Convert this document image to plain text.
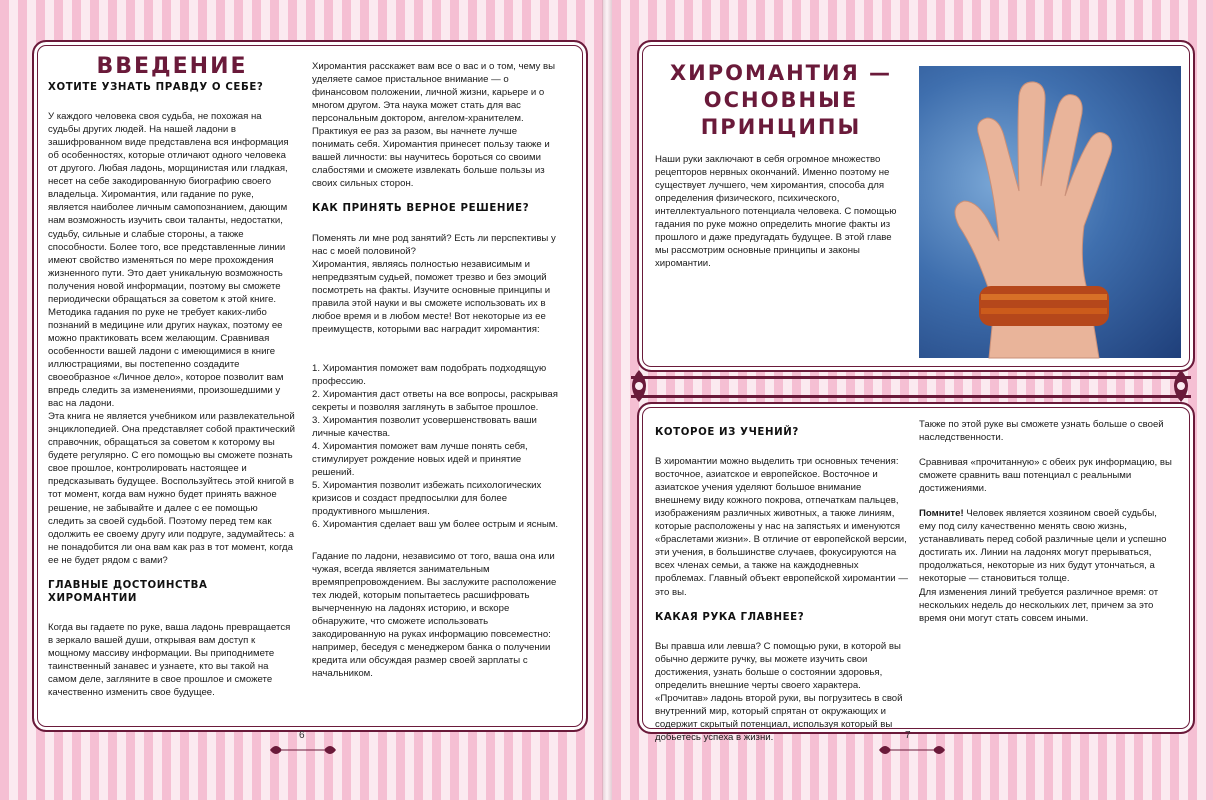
ВВЕДЕНИЕ
ХОТИТЕ УЗНАТЬ ПРАВДУ О СЕБЕ?

У каждого человека своя судьба, не похожая на судьбы других людей. На нашей ладони в зашифрованном виде представлена вся информация об особенностях, которые отличают одного человека от другого. Любая ладонь, морщинистая или гладкая, несет на себе закодированную биографию своего владельца. Хиромантия, или гадание по руке, является наиболее личным самопознанием, дающим нам возможность изучить свои таланты, недостатки, судьбу, сильные и слабые стороны, а также способности. Более того, все представленные линии имеют свойство изменяться по мере прохождения жизненного пути. Это дает уникальную возможность получения новой информации, поэтому вы сможете периодически обращаться за советом к этой книге.

Методика гадания по руке не требует каких-либо познаний в медицине или других науках, поэтому ее можно практиковать всем желающим. Сравнивая особенности вашей ладони с имеющимися в книге иллюстрациями, вы постепенно создадите своеобразное «Личное дело», которое позволит вам впредь следить за изменениями, произошедшими у вас на ладони.

Эта книга не является учебником или развлекательной энциклопедией. Она представляет собой практический справочник, обращаться за советом к которому вы будете регулярно. С его помощью вы сможете познать свое прошлое, контролировать настоящее и предсказывать будущее. Воспользуйтесь этой книгой в тот момент, когда вам нужно будет принять важное решение, не забывайте и далее с ее помощью следить за своей судьбой. Поэтому перед тем как одолжить ее своему другу или подруге, задумайтесь: а не понадобится ли она вам как раз в тот момент, когда ее не будет рядом с вами?

ГЛАВНЫЕ ДОСТОИНСТВА ХИРОМАНТИИ

Когда вы гадаете по руке, ваша ладонь превращается в зеркало вашей души, открывая вам доступ к мощному массиву информации. Вы приподнимете таинственный занавес и узнаете, кто вы такой на самом деле, загляните в свое прошлое и сможете качественно изменить свое будущее.

Хиромантия расскажет вам все о вас и о том, чему вы уделяете самое пристальное внимание — о финансовом положении, личной жизни, карьере и о многом другом. Эта наука может стать для вас персональным доктором, ангелом-хранителем. Практикуя ее раз за разом, вы начнете лучше понимать себя. Хиромантия принесет пользу также и вашей личности: вы научитесь бороться со своими слабостями и сможете извлекать больше пользы из своих сильных сторон.

КАК ПРИНЯТЬ ВЕРНОЕ РЕШЕНИЕ?

Поменять ли мне род занятий? Есть ли перспективы у нас с моей половиной?

Хиромантия, являясь полностью независимым и непредвзятым судьей, поможет трезво и без эмоций посмотреть на факты. Изучите основные принципы и правила этой науки и вы сможете использовать их в любое время и в любом месте! Вот некоторые из ее преимуществ, которыми вас наградит хиромантия:

1. Хиромантия поможет вам подобрать подходящую профессию.
2. Хиромантия даст ответы на все вопросы, раскрывая секреты и позволяя заглянуть в забытое прошлое.
3. Хиромантия позволит усовершенствовать ваши личные качества.
4. Хиромантия поможет вам лучше понять себя, стимулирует рождение новых идей и принятие решений.
5. Хиромантия позволит избежать психологических кризисов и создаст предпосылки для более продуктивного мышления.
6. Хиромантия сделает ваш ум более острым и ясным.

Гадание по ладони, независимо от того, ваша она или чужая, всегда является занимательным времяпрепровождением. Вы заслужите расположение тех людей, которым попытаетесь расшифровать вычерченную на ладонях историю, и вскоре обнаружите, что сможете использовать закодированную на руках информацию повсеместно: например, беседуя с менеджером банка о получении кредита или обсуждая размер своей зарплаты с начальником.

6
ХИРОМАНТИЯ —
ОСНОВНЫЕ
ПРИНЦИПЫ

Наши руки заключают в себя огромное множество рецепторов нервных окончаний. Именно поэтому не существует лучшего, чем хиромантия, способа для определения физического, психического, интеллектуального потенциала человека. С помощью гадания по руке можно определить многие факты из прошлого и даже предугадать будущее. В этой главе мы рассмотрим основные принципы и законы хиромантии.

КОТОРОЕ ИЗ УЧЕНИЙ?

В хиромантии можно выделить три основных течения: восточное, азиатское и европейское. Восточное и азиатское учения уделяют большое внимание внешнему виду кожного покрова, отпечаткам пальцев, изображениям различных животных, а также линиям, которые расположены у нас на запястьях и именуются «браслетами жизни». В отличие от европейской версии, эти учения, в большинстве случаев, фокусируются на всех членах семьи, а также на каждодневных проблемах. Главный объект европейской хиромантии — это вы.

КАКАЯ РУКА ГЛАВНЕЕ?

Вы правша или левша? С помощью руки, в которой вы обычно держите ручку, вы можете изучить свои достижения, узнать больше о состоянии здоровья, определить внешние черты своего характера. «Прочитав» ладонь второй руки, вы погрузитесь в свой внутренний мир, который спрятан от окружающих и содержит скрытый потенциал, используя который вы добьетесь успеха в жизни.

Также по этой руке вы сможете узнать больше о своей наследственности.

Сравнивая «прочитанную» с обеих рук информацию, вы сможете сравнить ваш потенциал с реальными достижениями.

Помните! Человек является хозяином своей судьбы, ему под силу качественно менять свою жизнь, устанавливать перед собой различные цели и успешно достигать их. Линии на ладонях могут прерываться, продолжаться, некоторые из них будут утончаться, а некоторые — становиться толще.

Для изменения линий требуется различное время: от нескольких недель до нескольких лет, причем за это время они могут стать совсем иными.

7
